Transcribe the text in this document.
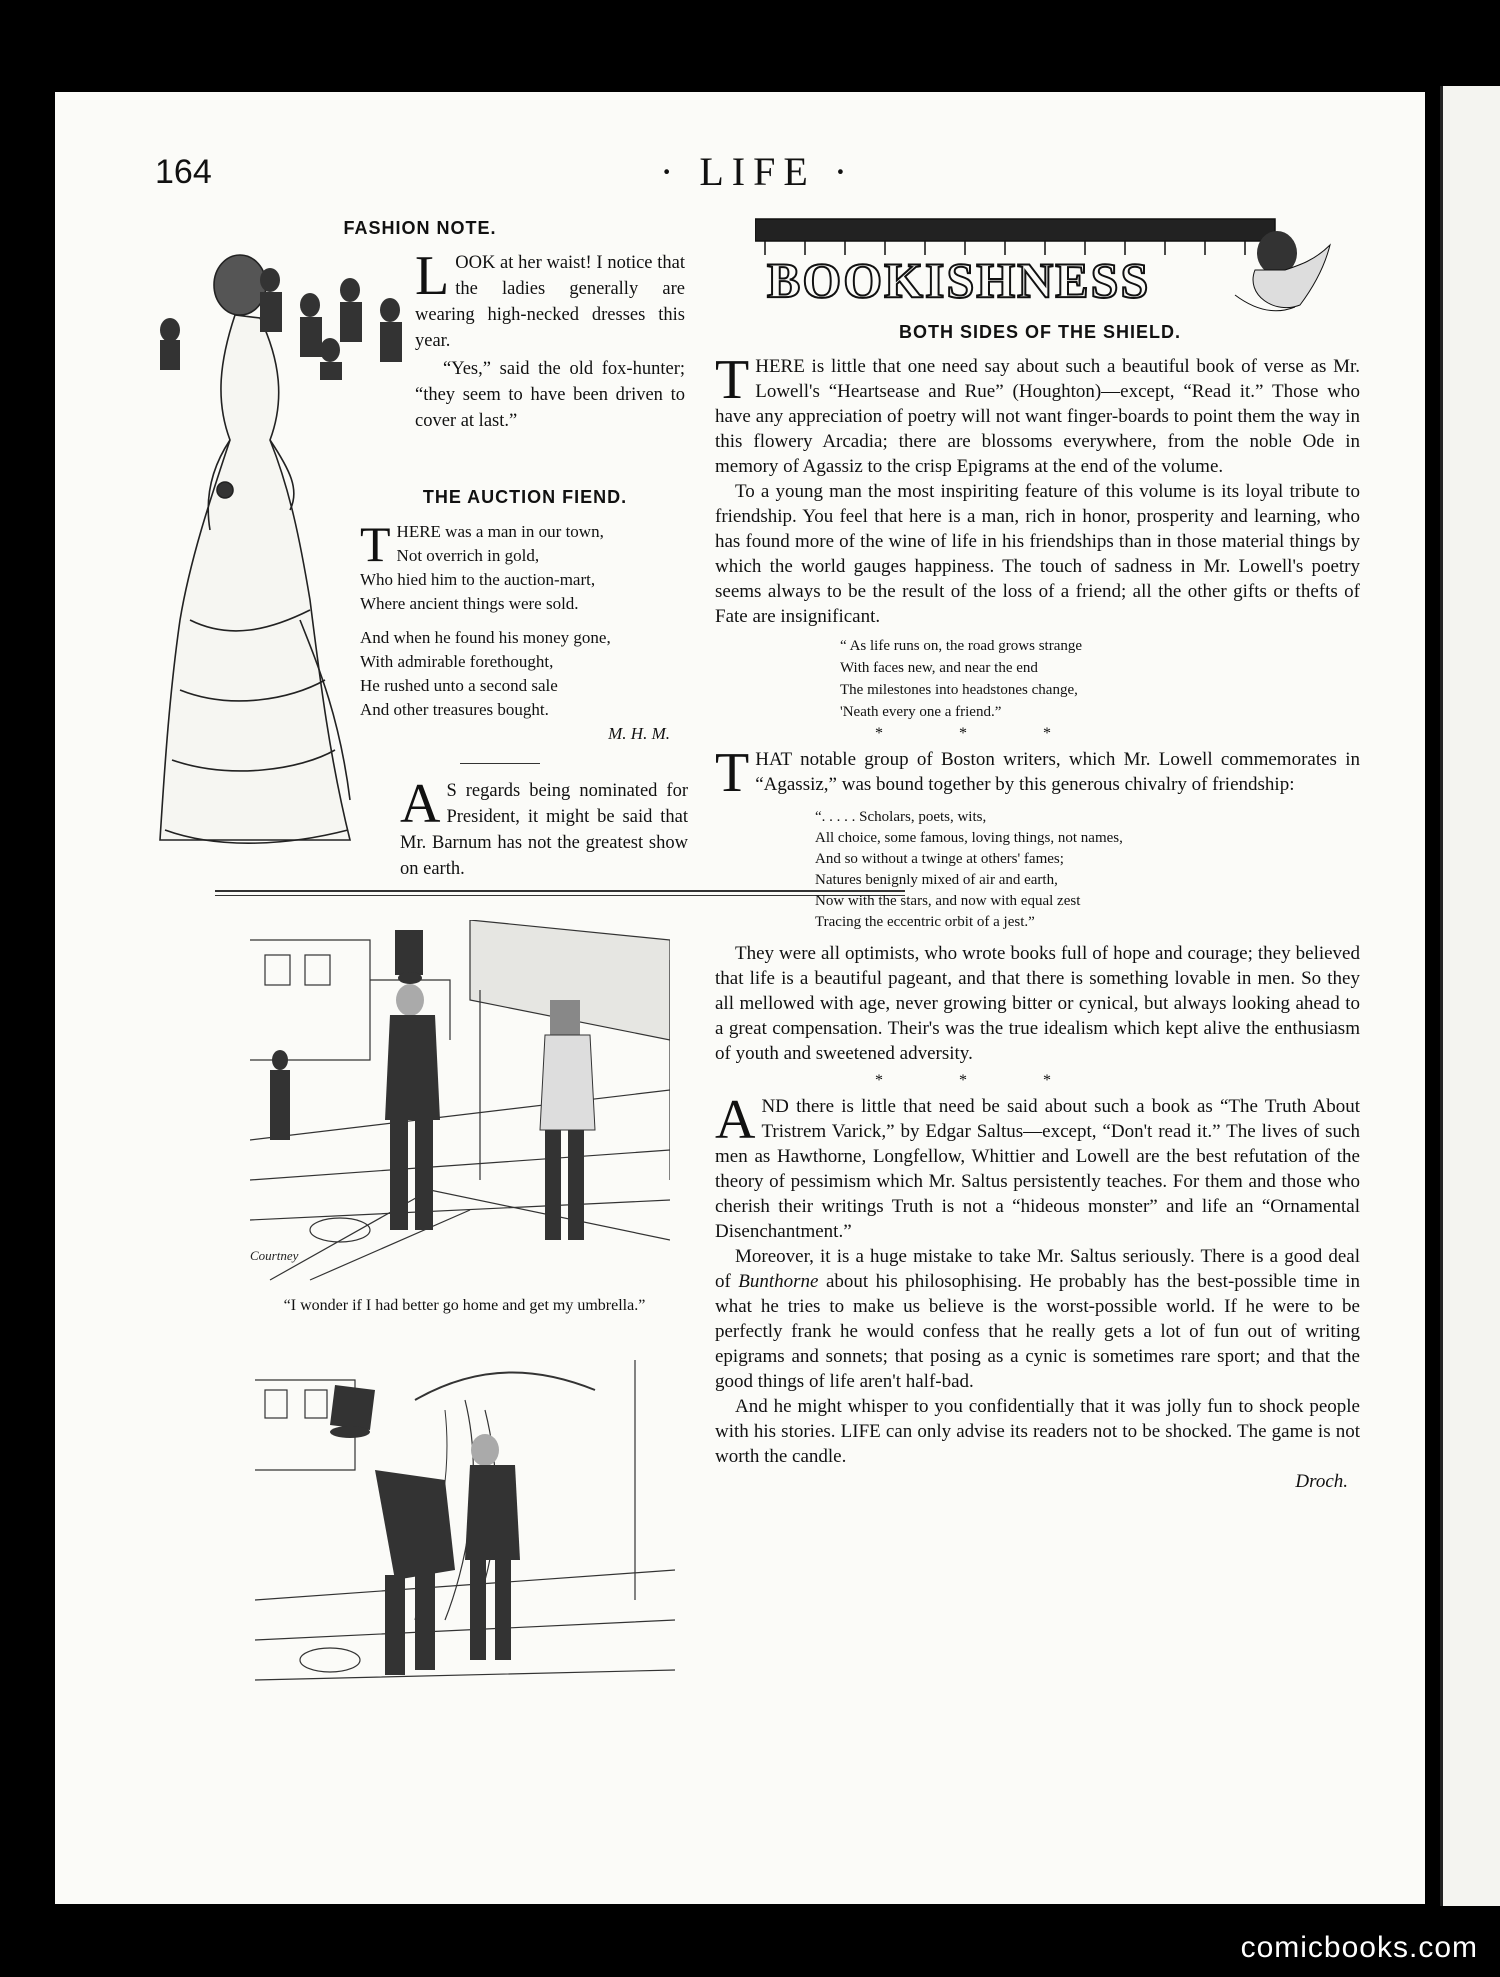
164	· LIFE ·

FASHION NOTE.

LOOK at her waist! I notice that the ladies generally are wearing high-necked dresses this year.

“Yes,” said the old fox-hunter; “they seem to have been driven to cover at last.”

THE AUCTION FIEND.

T HERE was a man in our town,
Not overrich in gold,
Who hied him to the auction-mart,
Where ancient things were sold.

And when he found his money gone,
With admirable forethought,
He rushed unto a second sale
And other treasures bought.

M. H. M.

A S regards being nominated for President, it might be said that Mr. Barnum has not the greatest show on earth.

Courtney
“I wonder if I had better go home and get my umbrella.”
BOOKISHNESS

BOTH SIDES OF THE SHIELD.

THERE is little that one need say about such a beautiful book of verse as Mr. Lowell's “Heartsease and Rue” (Houghton)—except, “Read it.” Those who have any appreciation of poetry will not want finger-boards to point them the way in this flowery Arcadia; there are blossoms everywhere, from the noble Ode in memory of Agassiz to the crisp Epigrams at the end of the volume.

To a young man the most inspiriting feature of this volume is its loyal tribute to friendship. You feel that here is a man, rich in honor, prosperity and learning, who has found more of the wine of life in his friendships than in those material things by which the world gauges happiness. The touch of sadness in Mr. Lowell's poetry seems always to be the result of the loss of a friend; all the other gifts or thefts of Fate are insignificant.

“ As life runs on, the road grows strange
With faces new, and near the end
The milestones into headstones change,
'Neath every one a friend.”

* * *

THAT notable group of Boston writers, which Mr. Lowell commemorates in “Agassiz,” was bound together by this generous chivalry of friendship:

“. . . . . Scholars, poets, wits,
All choice, some famous, loving things, not names,
And so without a twinge at others' fames;
Natures benignly mixed of air and earth,
Now with the stars, and now with equal zest
Tracing the eccentric orbit of a jest.”

They were all optimists, who wrote books full of hope and courage; they believed that life is a beautiful pageant, and that there is something lovable in men. So they all mellowed with age, never growing bitter or cynical, but always looking ahead to a great compensation. Their's was the true idealism which kept alive the enthusiasm of youth and sweetened adversity.

* * *

AND there is little that need be said about such a book as “The Truth About Tristrem Varick,” by Edgar Saltus—except, “Don't read it.” The lives of such men as Hawthorne, Longfellow, Whittier and Lowell are the best refutation of the theory of pessimism which Mr. Saltus persistently teaches. For them and those who cherish their writings Truth is not a “hideous monster” and life an “Ornamental Disenchantment.”

Moreover, it is a huge mistake to take Mr. Saltus seriously. There is a good deal of Bunthorne about his philosophising. He probably has the best-possible time in what he tries to make us believe is the worst-possible world. If he were to be perfectly frank he would confess that he really gets a lot of fun out of writing epigrams and sonnets; that posing as a cynic is sometimes rare sport; and that the good things of life aren't half-bad.

And he might whisper to you confidentially that it was jolly fun to shock people with his stories. LIFE can only advise its readers not to be shocked. The game is not worth the candle.

Droch.

comicbooks.com
